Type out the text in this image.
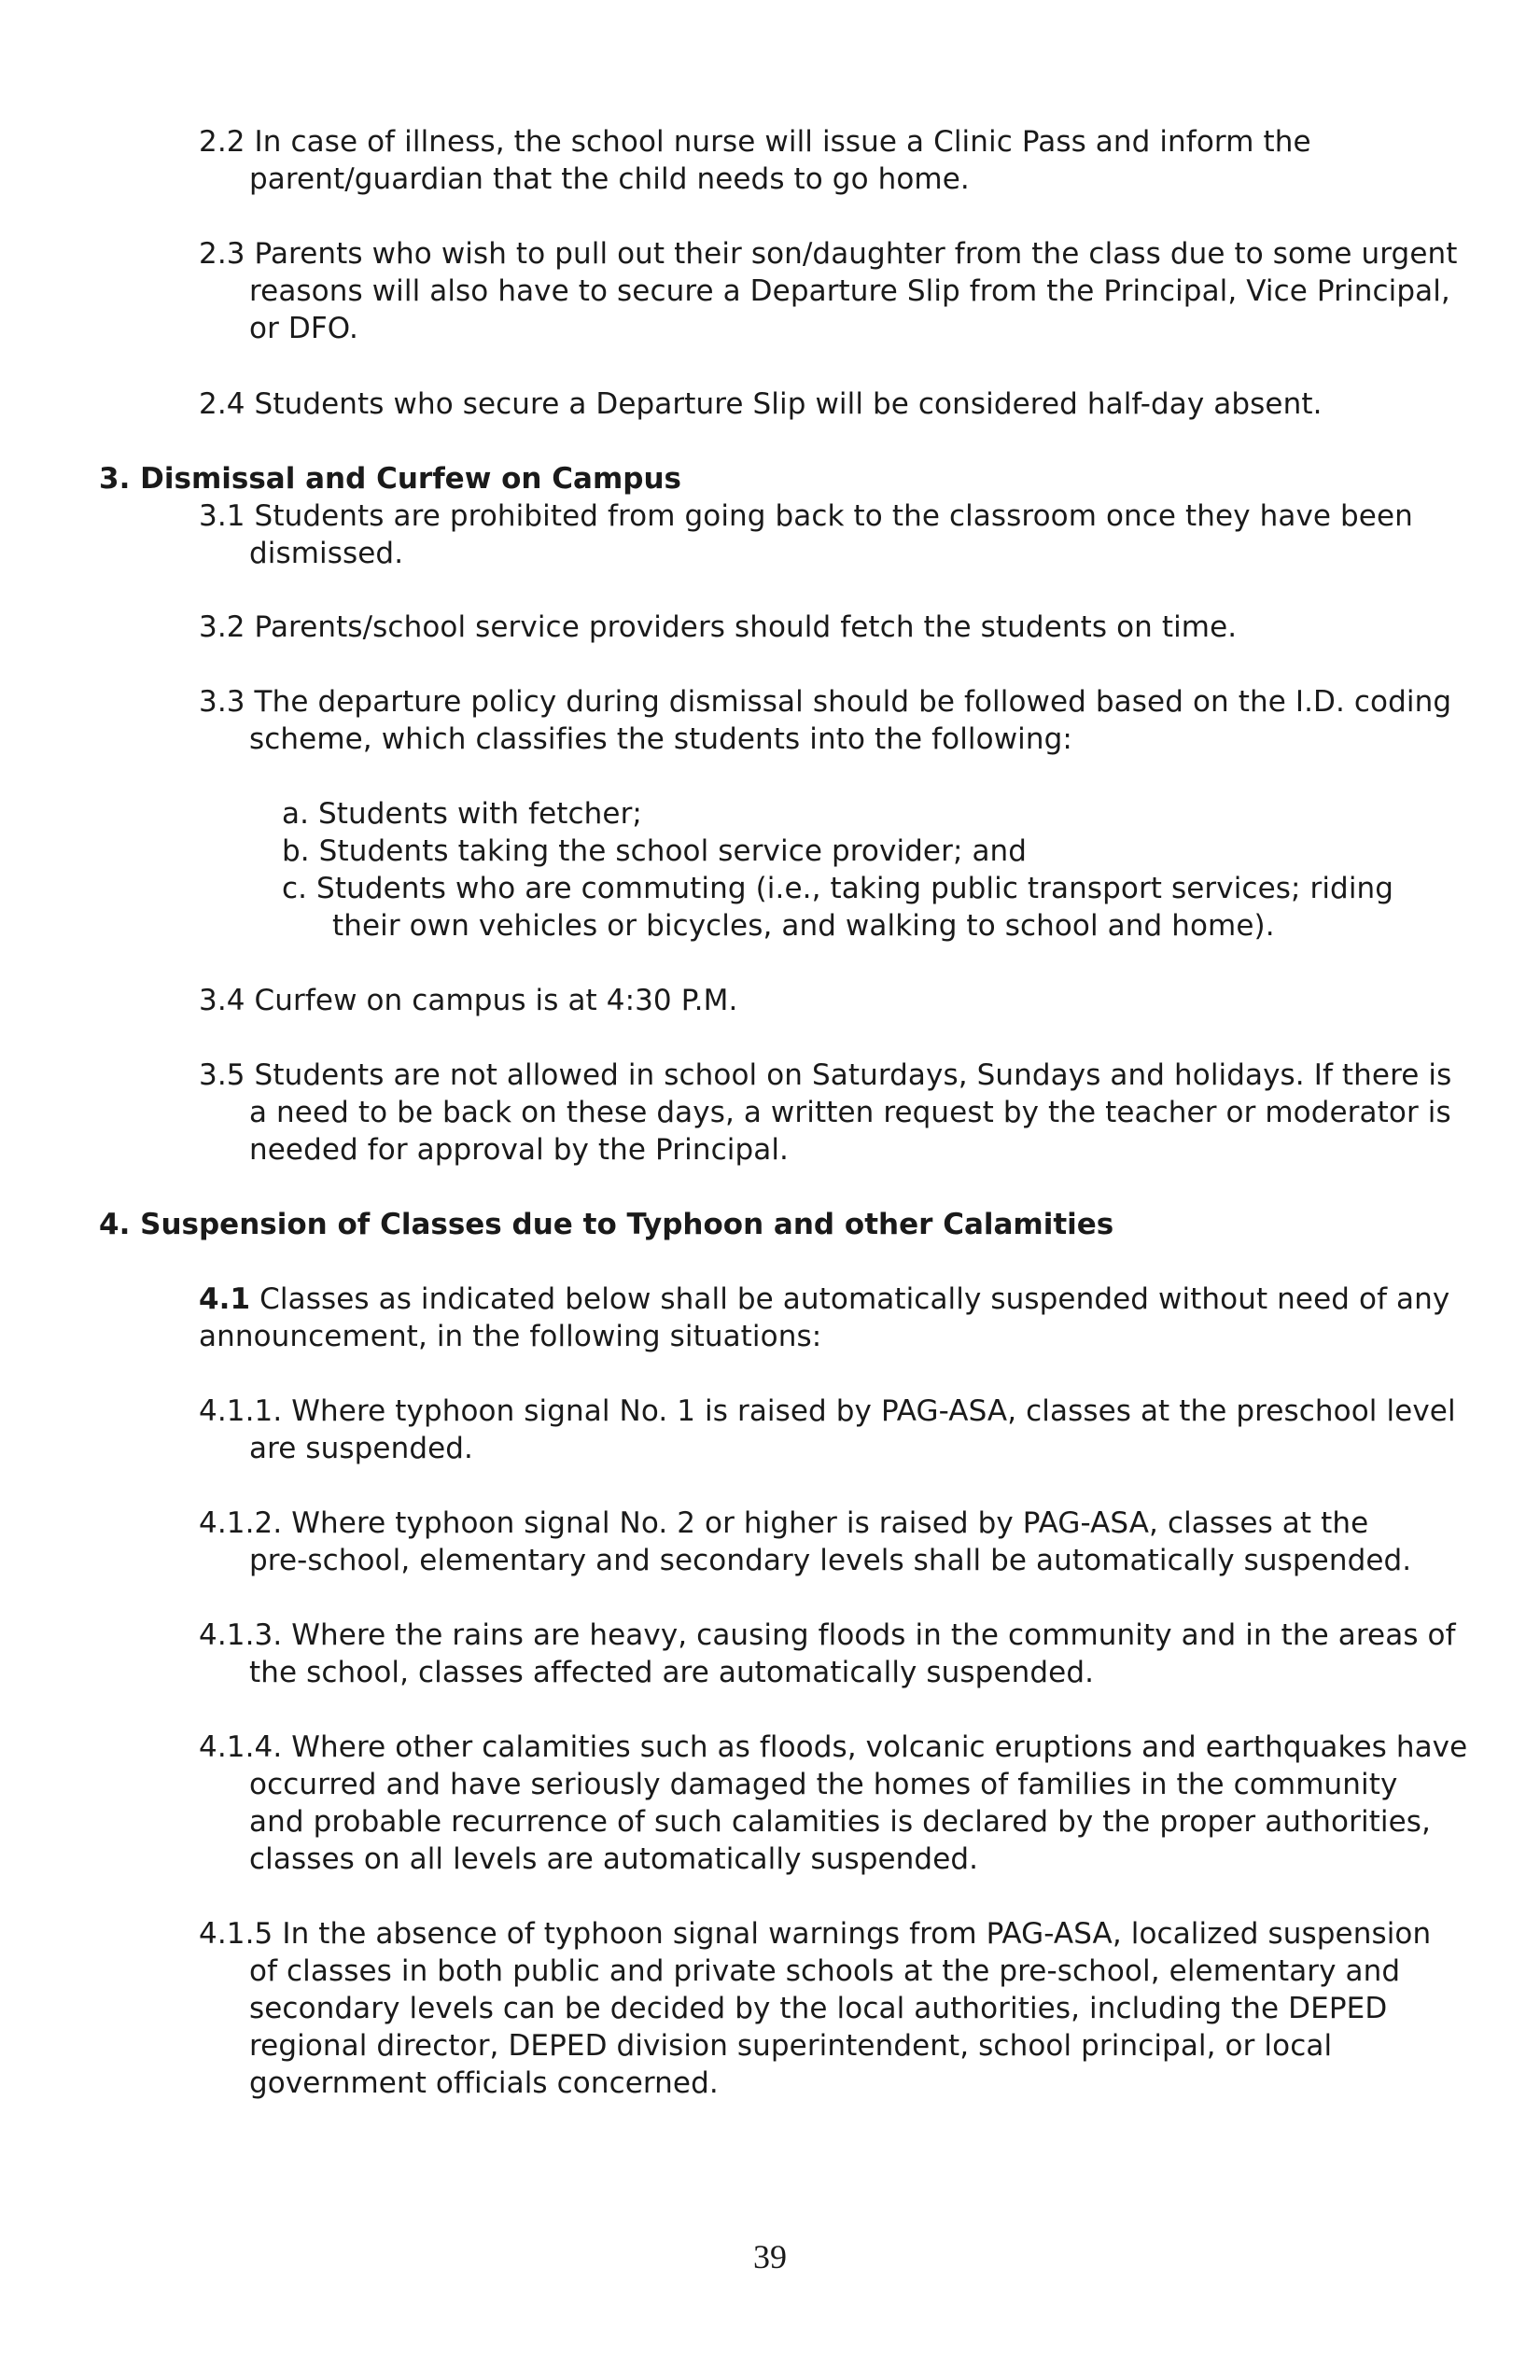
2.2 In case of illness, the school nurse will issue a Clinic Pass and inform the
parent/guardian that the child needs to go home.
2.3 Parents who wish to pull out their son/daughter from the class due to some urgent
reasons will also have to secure a Departure Slip from the Principal, Vice Principal,
or DFO.
2.4 Students who secure a Departure Slip will be considered half-day absent.
3. Dismissal and Curfew on Campus
3.1 Students are prohibited from going back to the classroom once they have been
dismissed.
3.2 Parents/school service providers should fetch the students on time.
3.3 The departure policy during dismissal should be followed based on the I.D. coding
scheme, which classifies the students into the following:
a. Students with fetcher;
b. Students taking the school service provider; and
c. Students who are commuting (i.e., taking public transport services; riding
their own vehicles or bicycles, and walking to school and home).
3.4 Curfew on campus is at 4:30 P.M.
3.5 Students are not allowed in school on Saturdays, Sundays and holidays. If there is
a need to be back on these days, a written request by the teacher or moderator is
needed for approval by the Principal.
4. Suspension of Classes due to Typhoon and other Calamities
4.1 Classes as indicated below shall be automatically suspended without need of any
announcement, in the following situations:
4.1.1. Where typhoon signal No. 1 is raised by PAG-ASA, classes at the preschool level
are suspended.
4.1.2. Where typhoon signal No. 2 or higher is raised by PAG-ASA, classes at the
pre-school, elementary and secondary levels shall be automatically suspended.
4.1.3. Where the rains are heavy, causing floods in the community and in the areas of
the school, classes affected are automatically suspended.
4.1.4. Where other calamities such as floods, volcanic eruptions and earthquakes have
occurred and have seriously damaged the homes of families in the community
and probable recurrence of such calamities is declared by the proper authorities,
classes on all levels are automatically suspended.
4.1.5 In the absence of typhoon signal warnings from PAG-ASA, localized suspension
of classes in both public and private schools at the pre-school, elementary and
secondary levels can be decided by the local authorities, including the DEPED
regional director, DEPED division superintendent, school principal, or local
government officials concerned.
39
